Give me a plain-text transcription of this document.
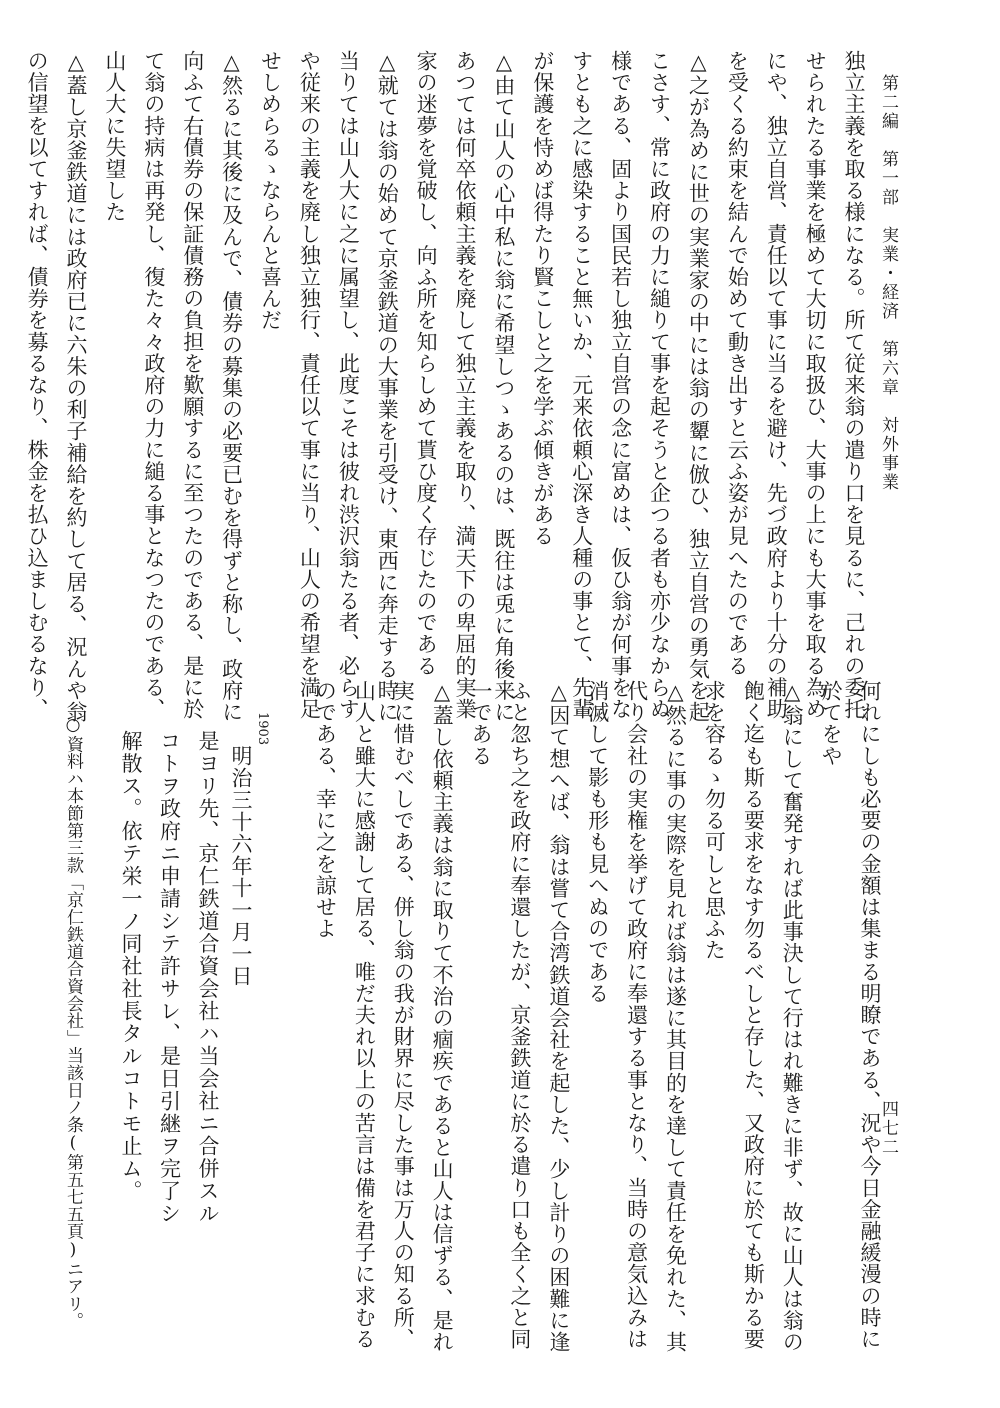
第二編　第一部　実業・経済　第六章　対外事業
四七二
独立主義を取る様になる。所て従来翁の遣り口を見るに、己れの委托
せられたる事業を極めて大切に取扱ひ、大事の上にも大事を取る為め
にや、独立自営、責任以て事に当るを避け、先づ政府より十分の補助
を受くる約束を結んで始めて動き出すと云ふ姿が見へたのである
△之が為めに世の実業家の中には翁の顰に倣ひ、独立自営の勇気を起
こさす、常に政府の力に縋りて事を起そうと企つる者も亦少なからぬ
様である、固より国民若し独立自営の念に富めは、仮ひ翁が何事をな
すとも之に感染すること無いか、元来依頼心深き人種の事とて、先輩
が保護を恃めば得たり賢こしと之を学ぶ傾きがある
△由て山人の心中私に翁に希望しつゝあるのは、既往は兎に角後来に
あつては何卒依頼主義を廃して独立主義を取り、満天下の卑屈的実業
家の迷夢を覚破し、向ふ所を知らしめて貰ひ度く存じたのである
△就ては翁の始めて京釜鉄道の大事業を引受け、東西に奔走する時に
当りては山人大に之に属望し、此度こそは彼れ渋沢翁たる者、必らす
や従来の主義を廃し独立独行、責任以て事に当り、山人の希望を満足
せしめらるゝならんと喜んだ
△然るに其後に及んで、債券の募集の必要已むを得ずと称し、政府に
向ふて右債券の保証債務の負担を歎願するに至つたのである、是に於
て翁の持病は再発し、復た々々政府の力に縋る事となつたのである、
山人大に失望した
△蓋し京釜鉄道には政府已に六朱の利子補給を約して居る、況んや翁
の信望を以てすれば、債券を募るなり、株金を払ひ込ましむるなり、
何れにしも必要の金額は集まる明瞭である、況や今日金融緩漫の時に
於てをや
△翁にして奮発すれば此事決して行はれ難きに非ず、故に山人は翁の
飽く迄も斯る要求をなす勿るべしと存した、又政府に於ても斯かる要
求を容るゝ勿る可しと思ふた
△然るに事の実際を見れば翁は遂に其目的を達して責任を免れた、其
代り会社の実権を挙げて政府に奉還する事となり、当時の意気込みは
消滅して影も形も見へぬのである
△因て想へば、翁は嘗て合湾鉄道会社を起した、少し計りの困難に逢
ふと忽ち之を政府に奉還したが、京釜鉄道に於る遣り口も全く之と同
一である
△蓋し依頼主義は翁に取りて不治の痼疾であると山人は信ずる、是れ
実に惜むべしである、併し翁の我が財界に尽した事は万人の知る所、
山人と雖大に感謝して居る、唯だ夫れ以上の苦言は備を君子に求むる
のである、幸に之を諒せよ
1903
明治三十六年十一月一日
是ヨリ先、京仁鉄道合資会社ハ当会社ニ合併スル
コトヲ政府ニ申請シテ許サレ、是日引継ヲ完了シ
解散ス。依テ栄一ノ同社社長タルコトモ止ム。
○資料ハ本節第三款「京仁鉄道合資会社」当該日ノ条(第五七五頁)ニアリ。
